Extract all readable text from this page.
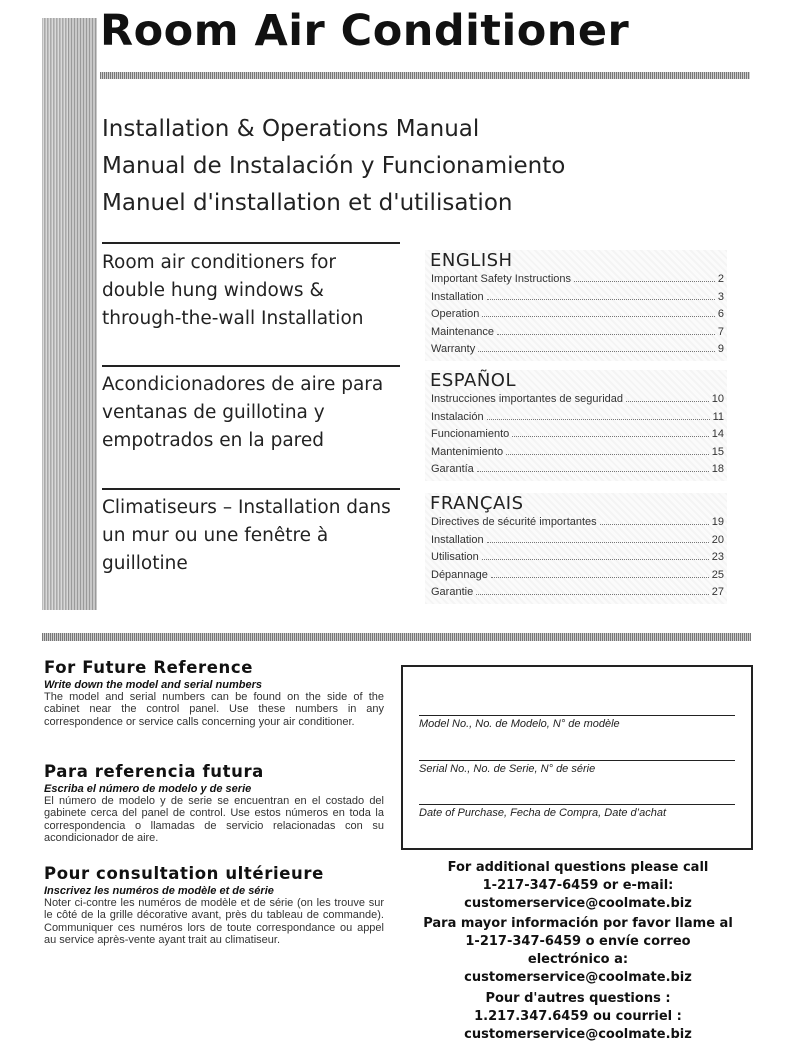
Room Air Conditioner
Installation & Operations Manual
Manual de Instalación y Funcionamiento
Manuel d'installation et d'utilisation
Room air conditioners for double hung windows & through-the-wall Installation
Acondicionadores de aire para ventanas de guillotina y empotrados en la pared
Climatiseurs – Installation dans un mur ou une fenêtre à guillotine
ENGLISH
Important Safety Instructions	2
Installation	3
Operation	6
Maintenance	7
Warranty	9
ESPAÑOL
Instrucciones importantes de seguridad	10
Instalación	11
Funcionamiento	14
Mantenimiento	15
Garantía	18
FRANÇAIS
Directives de sécurité importantes	19
Installation	20
Utilisation	23
Dépannage	25
Garantie	27
For Future Reference
Write down the model and serial numbers

The model and serial numbers can be found on the side of the cabinet near the control panel. Use these numbers in any correspondence or service calls concerning your air conditioner.

Para referencia futura
Escriba el número de modelo y de serie

El número de modelo y de serie se encuentran en el costado del gabinete cerca del panel de control. Use estos números en toda la correspondencia o llamadas de servicio relacionadas con su acondicionador de aire.

Pour consultation ultérieure
Inscrivez les numéros de modèle et de série

Noter ci-contre les numéros de modèle et de série (on les trouve sur le côté de la grille décorative avant, près du tableau de commande). Communiquer ces numéros lors de toute correspondance ou appel au service après-vente ayant trait au climatiseur.

Model No., No. de Modelo, N° de modèle
Serial No., No. de Serie, N° de série
Date of Purchase, Fecha de Compra, Date d’achat
For additional questions please call
1-217-347-6459 or e-mail:
customerservice@coolmate.biz
Para mayor información por favor llame al
1-217-347-6459 o envíe correo
electrónico a:
customerservice@coolmate.biz
Pour d'autres questions :
1.217.347.6459 ou courriel :
customerservice@coolmate.biz
